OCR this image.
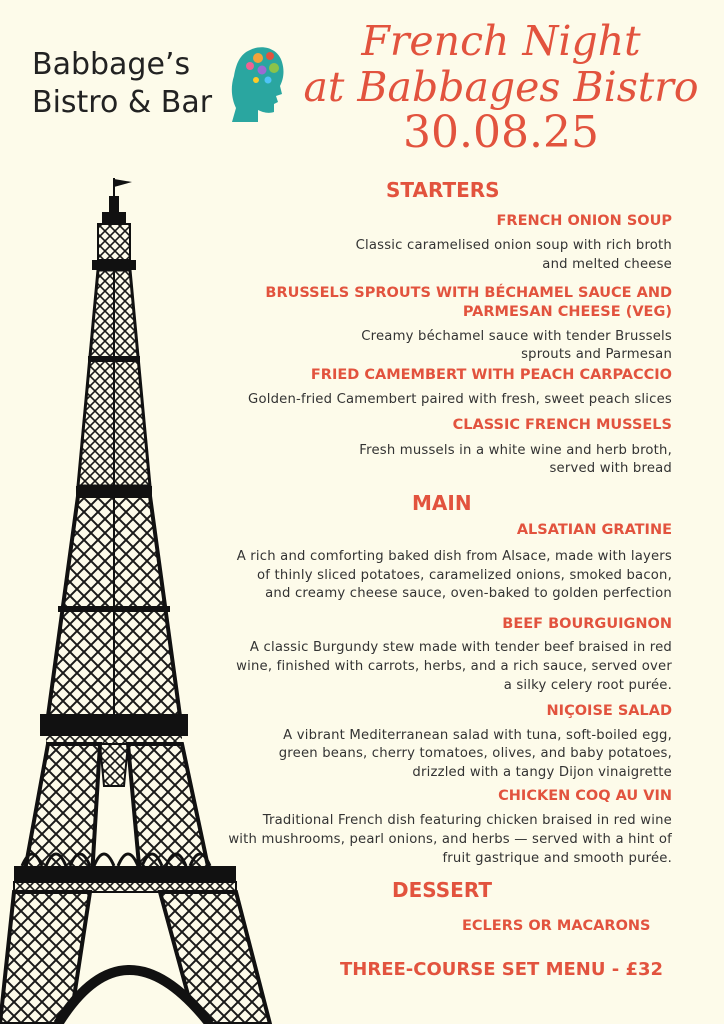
Babbage’s
Bistro & Bar
French Night
at Babbages Bistro
30.08.25
STARTERS
FRENCH ONION SOUP
Classic caramelised onion soup with rich broth
and melted cheese
BRUSSELS SPROUTS WITH BÉCHAMEL SAUCE AND
PARMESAN CHEESE (VEG)
Creamy béchamel sauce with tender Brussels
sprouts and Parmesan
FRIED CAMEMBERT WITH PEACH CARPACCIO
Golden-fried Camembert paired with fresh, sweet peach slices
CLASSIC FRENCH MUSSELS
Fresh mussels in a white wine and herb broth,
served with bread
MAIN
ALSATIAN GRATINE
A rich and comforting baked dish from Alsace, made with layers
of thinly sliced potatoes, caramelized onions, smoked bacon,
and creamy cheese sauce, oven-baked to golden perfection
BEEF BOURGUIGNON
A classic Burgundy stew made with tender beef braised in red
wine, finished with carrots, herbs, and a rich sauce, served over
a silky celery root purée.
NIÇOISE SALAD
A vibrant Mediterranean salad with tuna, soft-boiled egg,
green beans, cherry tomatoes, olives, and baby potatoes,
drizzled with a tangy Dijon vinaigrette
CHICKEN COQ AU VIN
Traditional French dish featuring chicken braised in red wine
with mushrooms, pearl onions, and herbs — served with a hint of
fruit gastrique and smooth purée.
DESSERT
ECLERS OR MACARONS
THREE-COURSE SET MENU - £32
